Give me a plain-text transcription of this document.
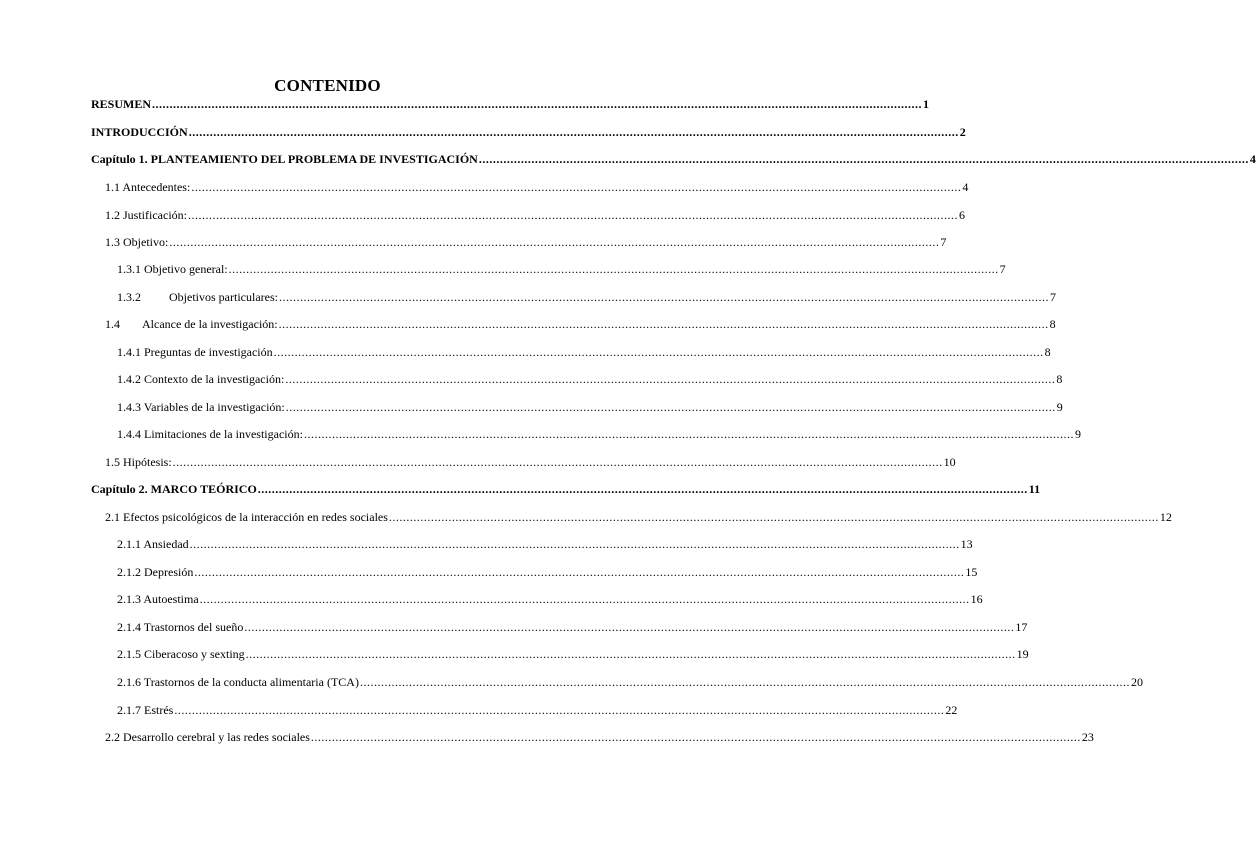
CONTENIDO
RESUMEN ............................................................................................................................................................................................................................ 1
INTRODUCCIÓN ............................................................................................................................................................................................................................ 2
Capítulo 1. PLANTEAMIENTO DEL PROBLEMA DE INVESTIGACIÓN ............................................................................................................................................................................................................................ 4
1.1 Antecedentes: ............................................................................................................................................................................................................................ 4
1.2 Justificación: ............................................................................................................................................................................................................................ 6
1.3 Objetivo: ............................................................................................................................................................................................................................ 7
1.3.1 Objetivo general: ............................................................................................................................................................................................................................ 7
1.3.2 Objetivos particulares: ............................................................................................................................................................................................................................ 7
1.4 Alcance de la investigación: ............................................................................................................................................................................................................................ 8
1.4.1 Preguntas de investigación ............................................................................................................................................................................................................................ 8
1.4.2 Contexto de la investigación: ............................................................................................................................................................................................................................ 8
1.4.3 Variables de la investigación: ............................................................................................................................................................................................................................ 9
1.4.4 Limitaciones de la investigación: ............................................................................................................................................................................................................................ 9
1.5 Hipótesis: ............................................................................................................................................................................................................................ 10
Capítulo 2. MARCO TEÓRICO ............................................................................................................................................................................................................................ 11
2.1 Efectos psicológicos de la interacción en redes sociales ............................................................................................................................................................................................................................ 12
2.1.1 Ansiedad ............................................................................................................................................................................................................................ 13
2.1.2 Depresión ............................................................................................................................................................................................................................ 15
2.1.3 Autoestima ............................................................................................................................................................................................................................ 16
2.1.4 Trastornos del sueño ............................................................................................................................................................................................................................ 17
2.1.5 Ciberacoso y sexting ............................................................................................................................................................................................................................ 19
2.1.6 Trastornos de la conducta alimentaria (TCA) ............................................................................................................................................................................................................................ 20
2.1.7 Estrés ............................................................................................................................................................................................................................ 22
2.2 Desarrollo cerebral y las redes sociales ............................................................................................................................................................................................................................ 23
